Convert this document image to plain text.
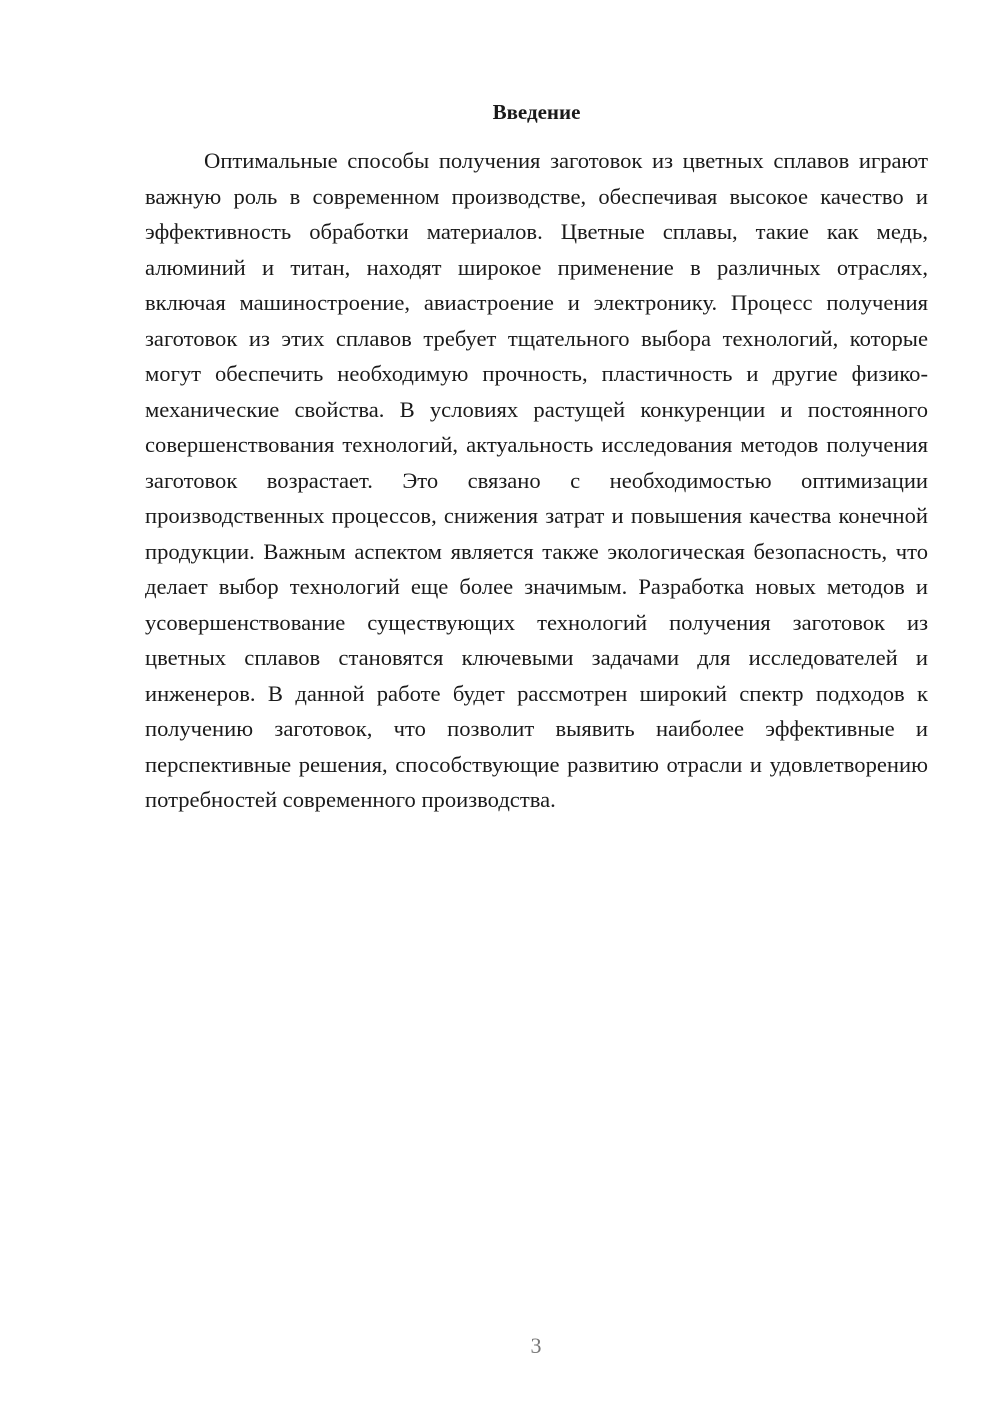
Введение

Оптимальные способы получения заготовок из цветных сплавов играют важную роль в современном производстве, обеспечивая высокое качество и эффективность обработки материалов. Цветные сплавы, такие как медь, алюминий и титан, находят широкое применение в различных отраслях, включая машиностроение, авиастроение и электронику. Процесс получения заготовок из этих сплавов требует тщательного выбора технологий, которые могут обеспечить необходимую прочность, пластичность и другие физико-механические свойства. В условиях растущей конкуренции и постоянного совершенствования технологий, актуальность исследования методов получения заготовок возрастает. Это связано с необходимостью оптимизации производственных процессов, снижения затрат и повышения качества конечной продукции. Важным аспектом является также экологическая безопасность, что делает выбор технологий еще более значимым. Разработка новых методов и усовершенствование существующих технологий получения заготовок из цветных сплавов становятся ключевыми задачами для исследователей и инженеров. В данной работе будет рассмотрен широкий спектр подходов к получению заготовок, что позволит выявить наиболее эффективные и перспективные решения, способствующие развитию отрасли и удовлетворению потребностей современного производства.

3
